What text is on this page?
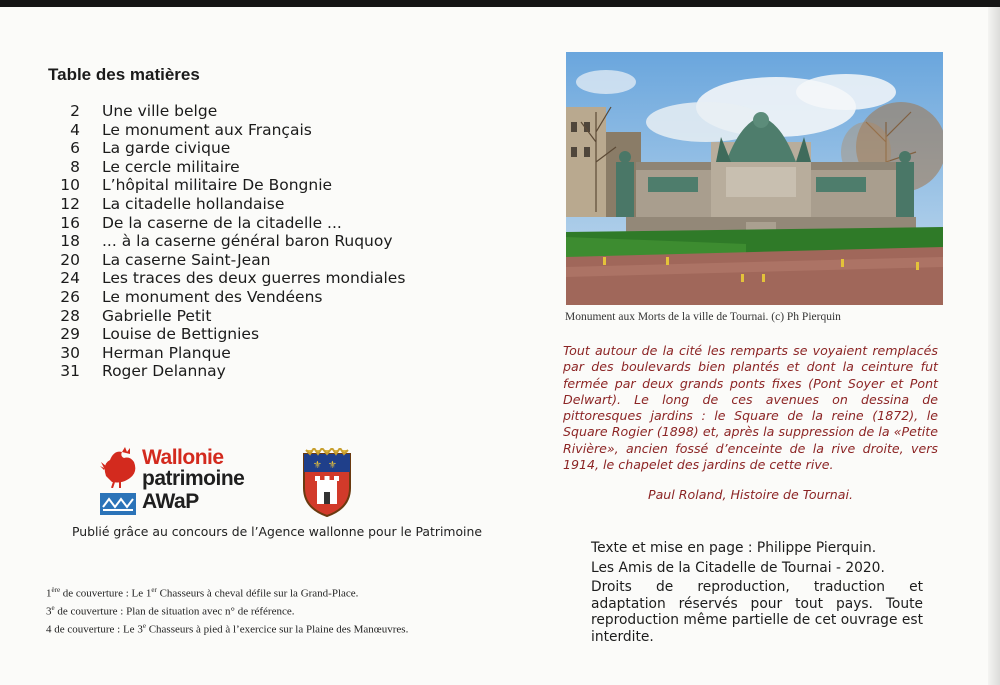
Table des matières
2 Une ville belge
4 Le monument aux Français
6 La garde civique
8 Le cercle militaire
10 L’hôpital militaire De Bongnie
12 La citadelle hollandaise
16 De la caserne de la citadelle ...
18 ... à la caserne général baron Ruquoy
20 La caserne Saint-Jean
24 Les traces des deux guerres mondiales
26 Le monument des Vendéens
28 Gabrielle Petit
29 Louise de Bettignies
30 Herman Planque
31 Roger Delannay
Monument aux Morts de la ville de Tournai. (c) Ph Pierquin

Tout autour de la cité les remparts se voyaient remplacés par des boulevards bien plantés et dont la ceinture fut fermée par deux grands ponts fixes (Pont Soyer et Pont Delwart). Le long de ces avenues on dessina de pittoresques jardins : le Square de la reine (1872), le Square Rogier (1898) et, après la suppression de la «Petite Rivière», ancien fossé d’enceinte de la rive droite, vers 1914, le chapelet des jardins de cette rive.

Paul Roland, Histoire de Tournai.
Wallonie
patrimoine
AWaP
⚜ ⚜
Publié grâce au concours de l’Agence wallonne pour le Patrimoine
1ère de couverture : Le 1er Chasseurs à cheval défile sur la Grand-Place.
3e de couverture : Plan de situation avec n° de référence.
4 de couverture : Le 3e Chasseurs à pied à l’exercice sur la Plaine des Manœuvres.

Texte et mise en page : Philippe Pierquin.

Les Amis de la Citadelle de Tournai - 2020.

Droits de reproduction, traduction et adaptation réservés pour tout pays. Toute reproduction même partielle de cet ouvrage est interdite.
